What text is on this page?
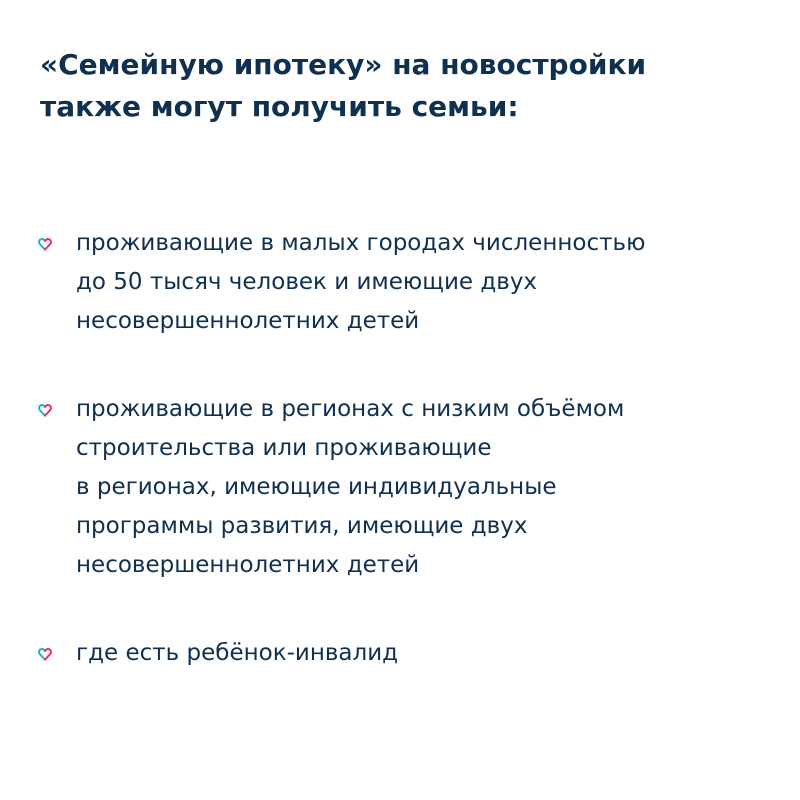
«Семейную ипотеку» на новостройки
также могут получить семьи:
проживающие в малых городах численностью
до 50 тысяч человек и имеющие двух
несовершеннолетних детей
проживающие в регионах с низким объёмом
строительства или проживающие
в регионах, имеющие индивидуальные
программы развития, имеющие двух
несовершеннолетних детей
где есть ребёнок-инвалид
